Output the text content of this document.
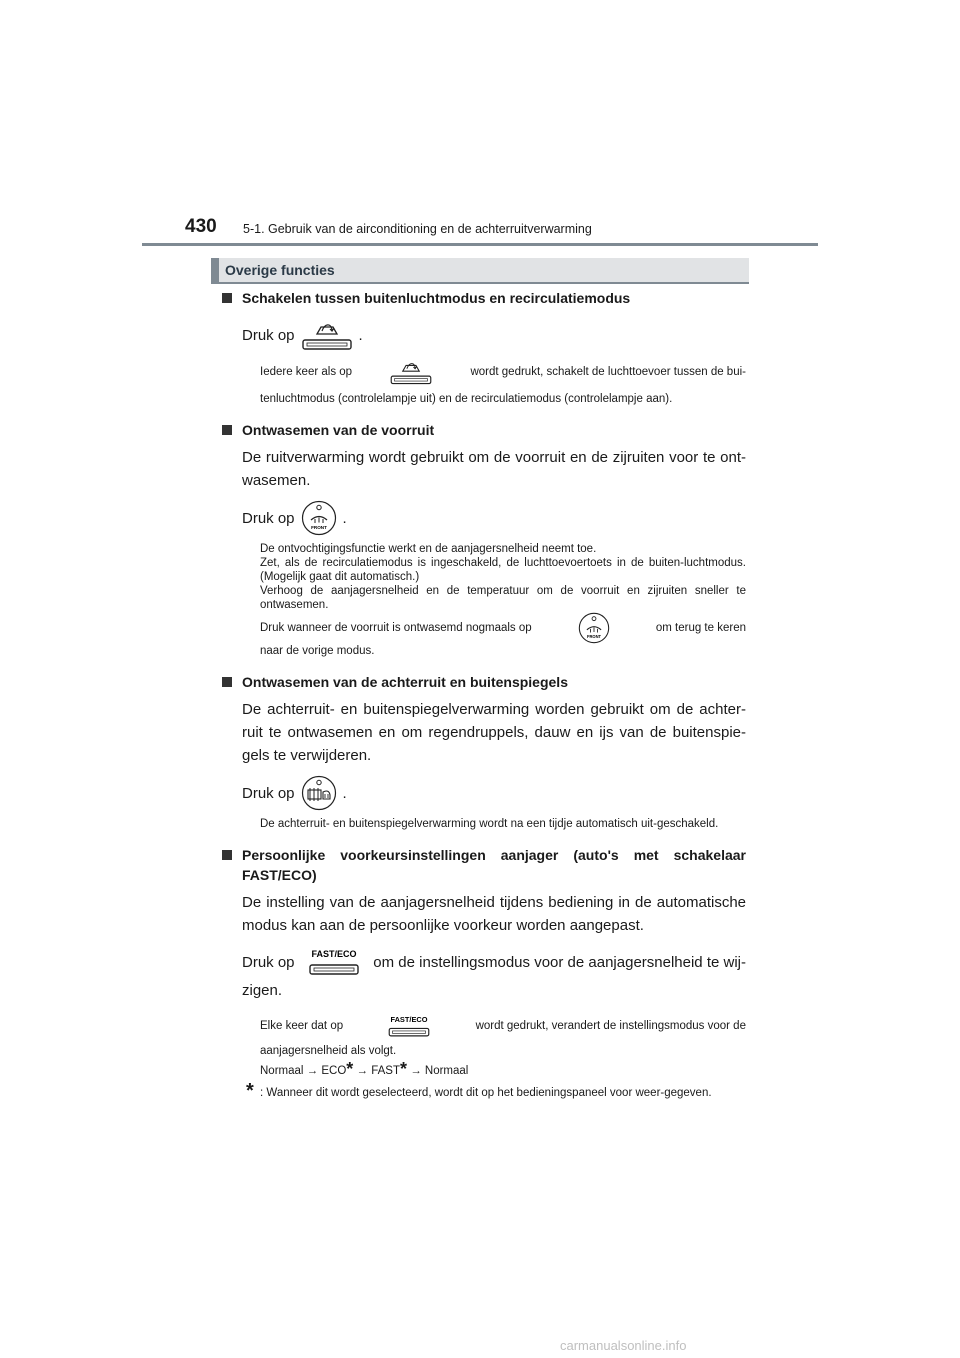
430 5-1. Gebruik van de airconditioning en de achterruitverwarming
Overige functies
Schakelen tussen buitenluchtmodus en recirculatiemodus
Druk op	.
Iedere keer als op	wordt gedrukt, schakelt de luchttoevoer tussen de bui-

tenluchtmodus (controlelampje uit) en de recirculatiemodus (controlelampje aan).

Ontwasemen van de voorruit
De ruitverwarming wordt gebruikt om de voorruit en de zijruiten voor te ont-wasemen.
Druk op
FRONT
.

De ontvochtigingsfunctie werkt en de aanjagersnelheid neemt toe.

Zet, als de recirculatiemodus is ingeschakeld, de luchttoevoertoets in de buiten-luchtmodus. (Mogelijk gaat dit automatisch.)

Verhoog de aanjagersnelheid en de temperatuur om de voorruit en zijruiten sneller te ontwasemen.

Druk wanneer de voorruit is ontwasemd nogmaals op
FRONT
om terug te keren

naar de vorige modus.

Ontwasemen van de achterruit en buitenspiegels
De achterruit- en buitenspiegelverwarming worden gebruikt om de achter-ruit te ontwasemen en om regendruppels, dauw en ijs van de buitenspie-gels te verwijderen.
Druk op	.

De achterruit- en buitenspiegelverwarming wordt na een tijdje automatisch uit-geschakeld.

Persoonlijke voorkeursinstellingen aanjager (auto's met schakelaar FAST/ECO)
De instelling van de aanjagersnelheid tijdens bediening in de automatische modus kan aan de persoonlijke voorkeur worden aangepast.
Druk op FAST/ECO om de instellingsmodus voor de aanjagersnelheid te wij-
zigen.
Elke keer dat op
FAST/ECO
wordt gedrukt, verandert de instellingsmodus voor de

aanjagersnelheid als volgt.

Normaal → ECO* → FAST* → Normaal

* : Wanneer dit wordt geselecteerd, wordt dit op het bedieningspaneel voor weer-gegeven.
carmanualsonline.info
